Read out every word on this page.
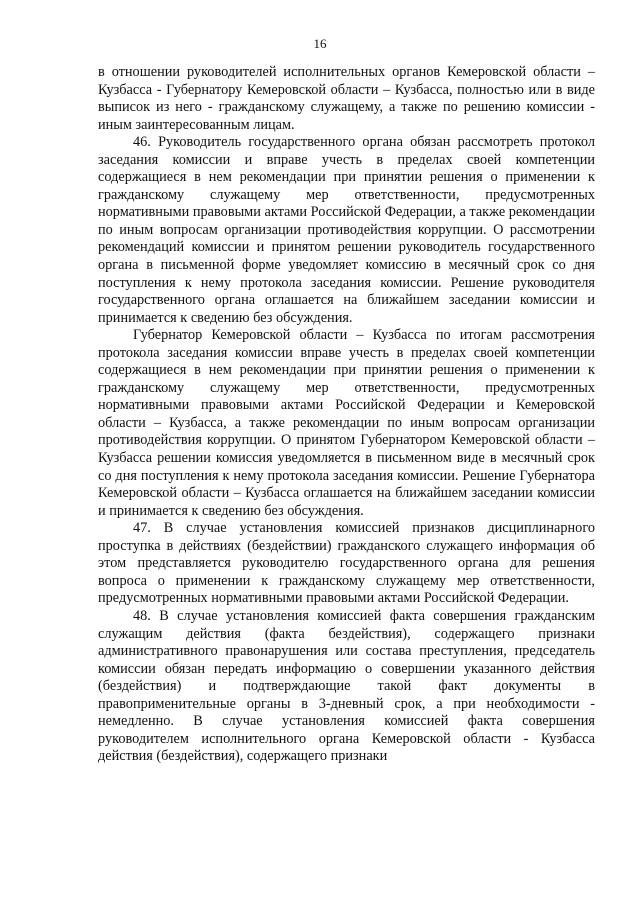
16

в отношении руководителей исполнительных органов Кемеровской области – Кузбасса - Губернатору Кемеровской области – Кузбасса, полностью или в виде выписок из него - гражданскому служащему, а также по решению комиссии - иным заинтересованным лицам.

46. Руководитель государственного органа обязан рассмотреть протокол заседания комиссии и вправе учесть в пределах своей компетенции содержащиеся в нем рекомендации при принятии решения о применении к гражданскому служащему мер ответственности, предусмотренных нормативными правовыми актами Российской Федерации, а также рекомендации по иным вопросам организации противодействия коррупции. О рассмотрении рекомендаций комиссии и принятом решении руководитель государственного органа в письменной форме уведомляет комиссию в месячный срок со дня поступления к нему протокола заседания комиссии. Решение руководителя государственного органа оглашается на ближайшем заседании комиссии и принимается к сведению без обсуждения.

Губернатор Кемеровской области – Кузбасса по итогам рассмотрения протокола заседания комиссии вправе учесть в пределах своей компетенции содержащиеся в нем рекомендации при принятии решения о применении к гражданскому служащему мер ответственности, предусмотренных нормативными правовыми актами Российской Федерации и Кемеровской области – Кузбасса, а также рекомендации по иным вопросам организации противодействия коррупции. О принятом Губернатором Кемеровской области – Кузбасса решении комиссия уведомляется в письменном виде в месячный срок со дня поступления к нему протокола заседания комиссии. Решение Губернатора Кемеровской области – Кузбасса оглашается на ближайшем заседании комиссии и принимается к сведению без обсуждения.

47. В случае установления комиссией признаков дисциплинарного проступка в действиях (бездействии) гражданского служащего информация об этом представляется руководителю государственного органа для решения вопроса о применении к гражданскому служащему мер ответственности, предусмотренных нормативными правовыми актами Российской Федерации.

48. В случае установления комиссией факта совершения гражданским служащим действия (факта бездействия), содержащего признаки административного правонарушения или состава преступления, председатель комиссии обязан передать информацию о совершении указанного действия (бездействия) и подтверждающие такой факт документы в правоприменительные органы в 3-дневный срок, а при необходимости - немедленно. В случае установления комиссией факта совершения руководителем исполнительного органа Кемеровской области - Кузбасса действия (бездействия), содержащего признаки
